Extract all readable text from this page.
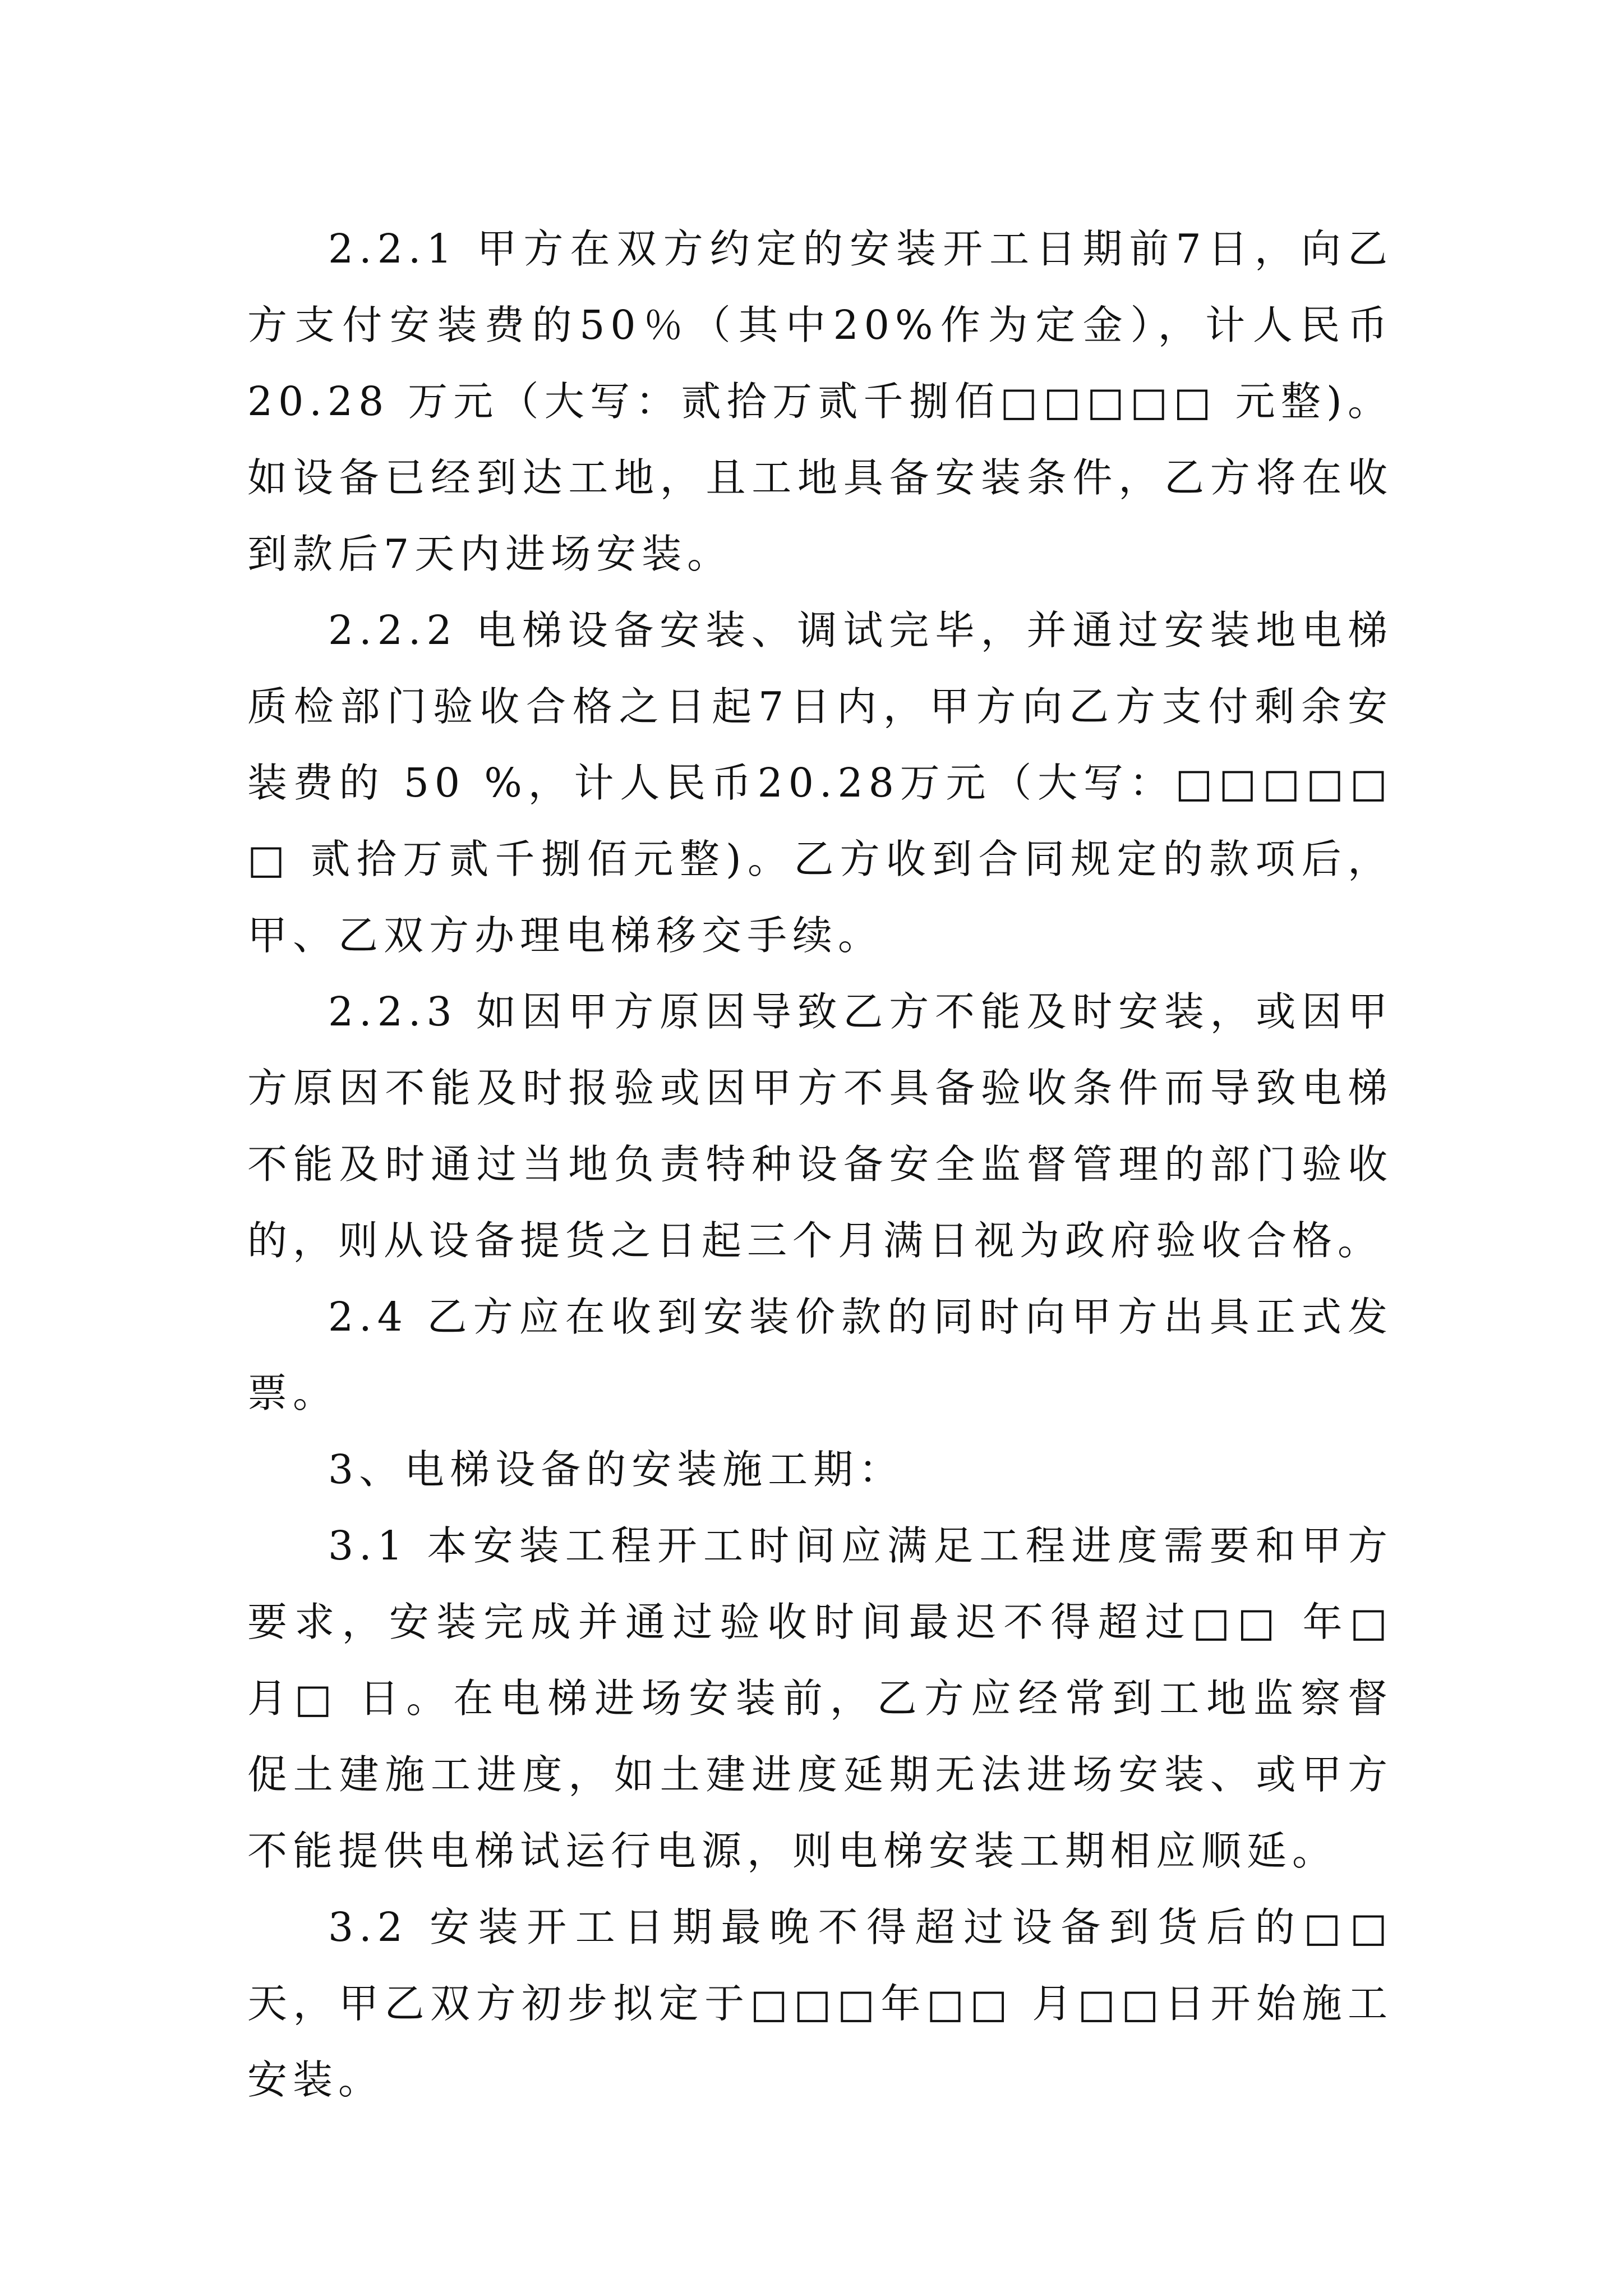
2.2.1 甲方在双方约定的安装开工日期前7日，向乙方支付安装费的50％（其中20%作为定金），计人民币 20.28 万元（大写：贰拾万贰千捌佰□□□□□ 元整)。如设备已经到达工地，且工地具备安装条件，乙方将在收到款后7天内进场安装。

2.2.2 电梯设备安装、调试完毕，并通过安装地电梯质检部门验收合格之日起7日内，甲方向乙方支付剩余安装费的 50 %，计人民币20.28万元（大写：□□□□□□ 贰拾万贰千捌佰元整)。乙方收到合同规定的款项后，甲、乙双方办理电梯移交手续。

2.2.3 如因甲方原因导致乙方不能及时安装，或因甲方原因不能及时报验或因甲方不具备验收条件而导致电梯不能及时通过当地负责特种设备安全监督管理的部门验收的，则从设备提货之日起三个月满日视为政府验收合格。

2.4 乙方应在收到安装价款的同时向甲方出具正式发票。

3、电梯设备的安装施工期：

3.1 本安装工程开工时间应满足工程进度需要和甲方要求，安装完成并通过验收时间最迟不得超过□□ 年□ 月□ 日。在电梯进场安装前，乙方应经常到工地监察督促土建施工进度，如土建进度延期无法进场安装、或甲方不能提供电梯试运行电源，则电梯安装工期相应顺延。

3.2 安装开工日期最晚不得超过设备到货后的□□天，甲乙双方初步拟定于□□□年□□ 月□□日开始施工安装。
